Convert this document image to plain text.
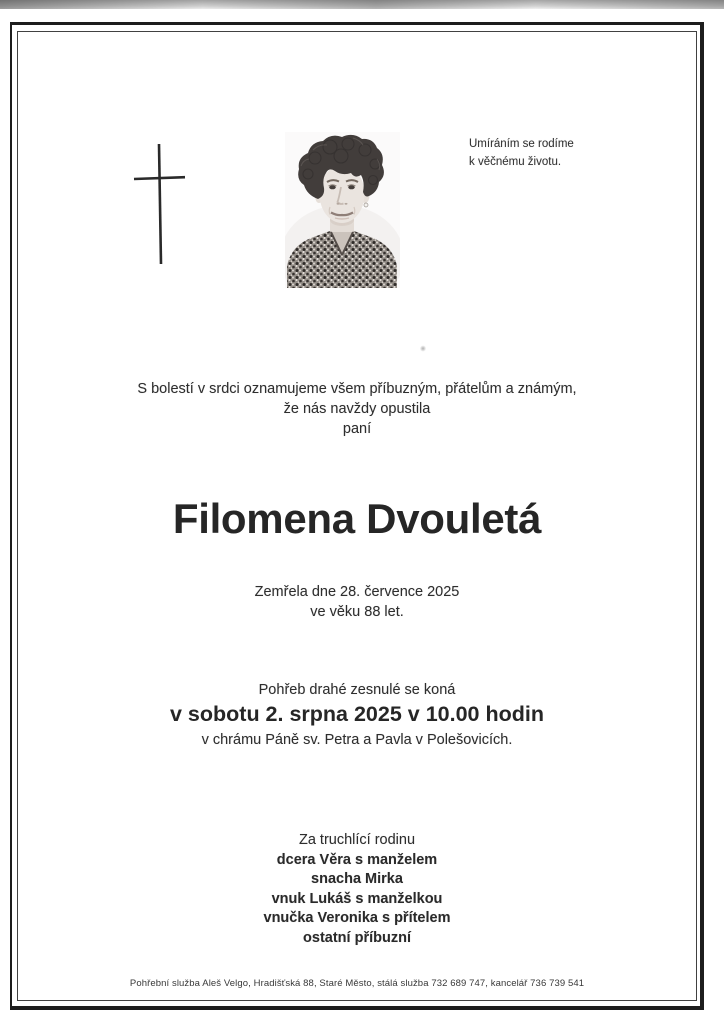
Umíráním se rodíme
k věčnému životu.
S bolestí v srdci oznamujeme všem příbuzným, přátelům a známým,
že nás navždy opustila
paní
Filomena Dvouletá
Zemřela dne 28. července 2025
ve věku 88 let.
Pohřeb drahé zesnulé se koná
v sobotu 2. srpna 2025 v 10.00 hodin
v chrámu Páně sv. Petra a Pavla v Polešovicích.
Za truchlící rodinu
dcera Věra s manželem
snacha Mirka
vnuk Lukáš s manželkou
vnučka Veronika s přítelem
ostatní příbuzní
Pohřební služba Aleš Velgo, Hradišťská 88, Staré Město, stálá služba 732 689 747, kancelář 736 739 541
